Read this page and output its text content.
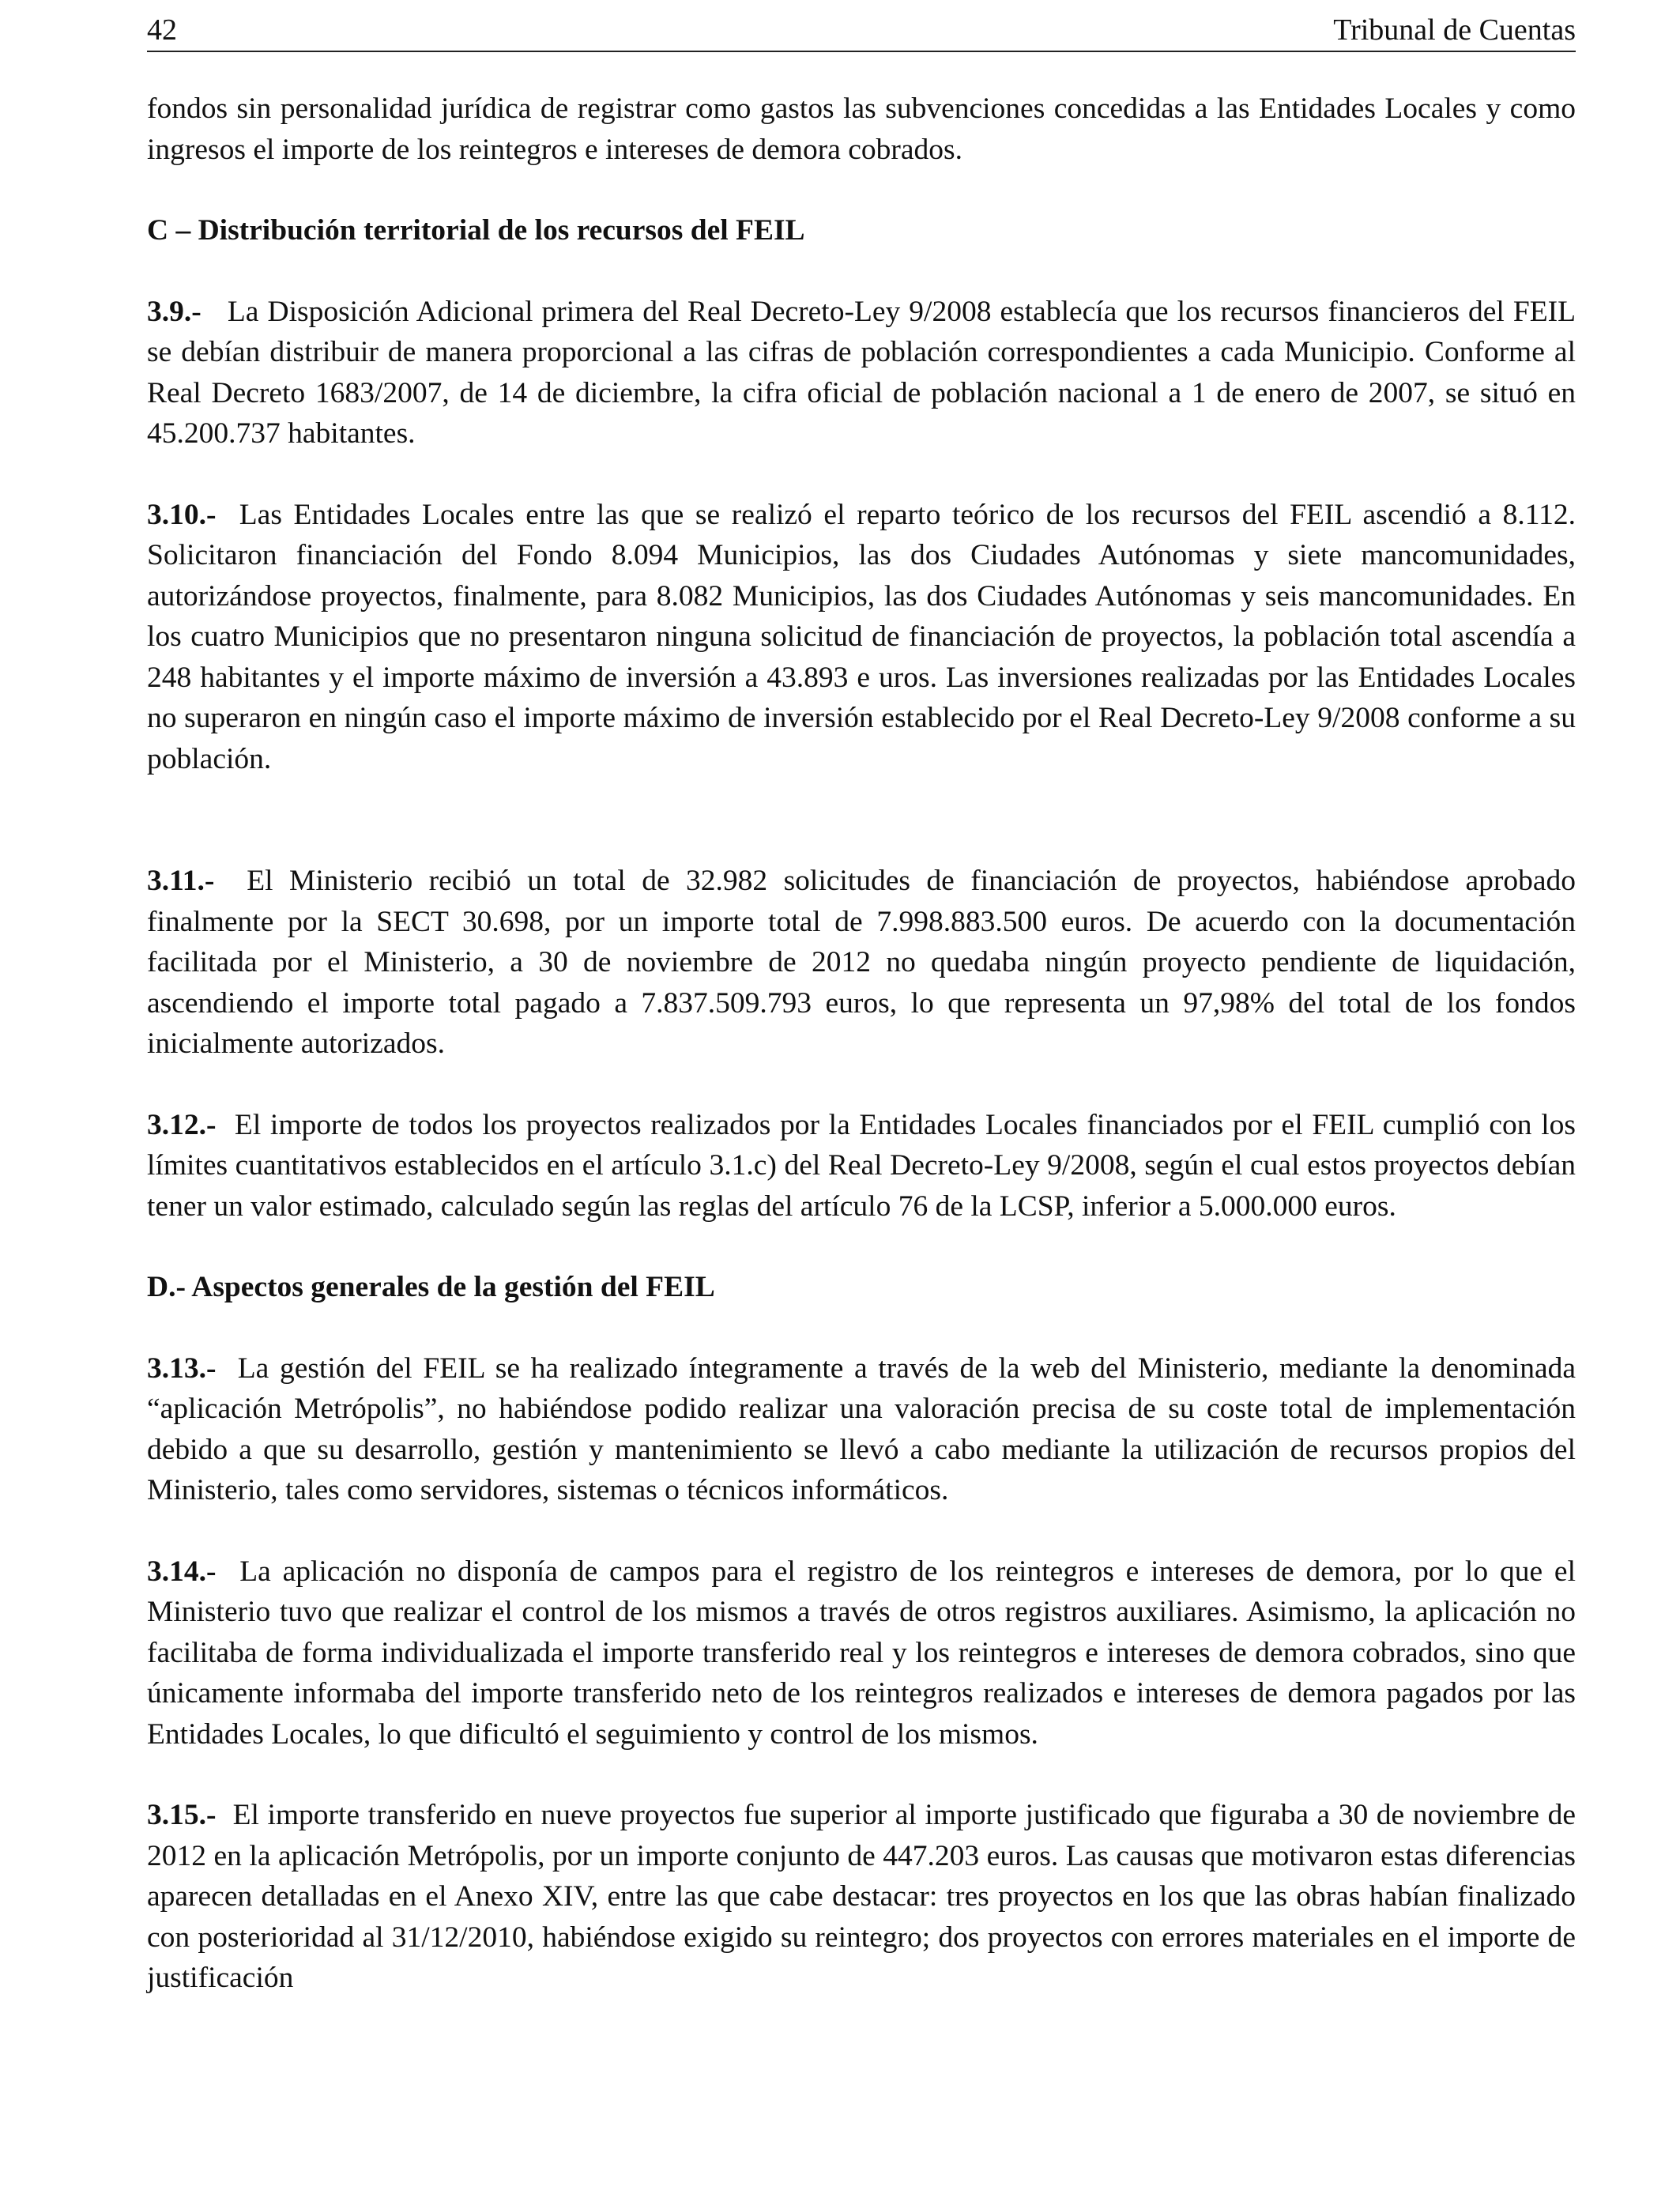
42	Tribunal de Cuentas

fondos sin personalidad jurídica de registrar como gastos las subvenciones concedidas a las Entidades Locales y como ingresos el importe de los reintegros e intereses de demora cobrados.

C – Distribución territorial de los recursos del FEIL

3.9.- La Disposición Adicional primera del Real Decreto-Ley 9/2008 establecía que los recursos financieros del FEIL se debían distribuir de manera proporcional a las cifras de población correspondientes a cada Municipio. Conforme al Real Decreto 1683/2007, de 14 de diciembre, la cifra oficial de población nacional a 1 de enero de 2007, se situó en 45.200.737 habitantes.

3.10.- Las Entidades Locales entre las que se realizó el reparto teórico de los recursos del FEIL ascendió a 8.112. Solicitaron financiación del Fondo 8.094 Municipios, las dos Ciudades Autónomas y siete mancomunidades, autorizándose proyectos, finalmente, para 8.082 Municipios, las dos Ciudades Autónomas y seis mancomunidades. En los cuatro Municipios que no presentaron ninguna solicitud de financiación de proyectos, la población total ascendía a 248 habitantes y el importe máximo de inversión a 43.893 e uros. Las inversiones realizadas por las Entidades Locales no superaron en ningún caso el importe máximo de inversión establecido por el Real Decreto-Ley 9/2008 conforme a su población.

3.11.- El Ministerio recibió un total de 32.982 solicitudes de financiación de proyectos, habiéndose aprobado finalmente por la SECT 30.698, por un importe total de 7.998.883.500 euros. De acuerdo con la documentación facilitada por el Ministerio, a 30 de noviembre de 2012 no quedaba ningún proyecto pendiente de liquidación, ascendiendo el importe total pagado a 7.837.509.793 euros, lo que representa un 97,98% del total de los fondos inicialmente autorizados.

3.12.- El importe de todos los proyectos realizados por la Entidades Locales financiados por el FEIL cumplió con los límites cuantitativos establecidos en el artículo 3.1.c) del Real Decreto-Ley 9/2008, según el cual estos proyectos debían tener un valor estimado, calculado según las reglas del artículo 76 de la LCSP, inferior a 5.000.000 euros.

D.- Aspectos generales de la gestión del FEIL

3.13.- La gestión del FEIL se ha realizado íntegramente a través de la web del Ministerio, mediante la denominada “aplicación Metrópolis”, no habiéndose podido realizar una valoración precisa de su coste total de implementación debido a que su desarrollo, gestión y mantenimiento se llevó a cabo mediante la utilización de recursos propios del Ministerio, tales como servidores, sistemas o técnicos informáticos.

3.14.- La aplicación no disponía de campos para el registro de los reintegros e intereses de demora, por lo que el Ministerio tuvo que realizar el control de los mismos a través de otros registros auxiliares. Asimismo, la aplicación no facilitaba de forma individualizada el importe transferido real y los reintegros e intereses de demora cobrados, sino que únicamente informaba del importe transferido neto de los reintegros realizados e intereses de demora pagados por las Entidades Locales, lo que dificultó el seguimiento y control de los mismos.

3.15.- El importe transferido en nueve proyectos fue superior al importe justificado que figuraba a 30 de noviembre de 2012 en la aplicación Metrópolis, por un importe conjunto de 447.203 euros. Las causas que motivaron estas diferencias aparecen detalladas en el Anexo XIV, entre las que cabe destacar: tres proyectos en los que las obras habían finalizado con posterioridad al 31/12/2010, habiéndose exigido su reintegro; dos proyectos con errores materiales en el importe de justificación
